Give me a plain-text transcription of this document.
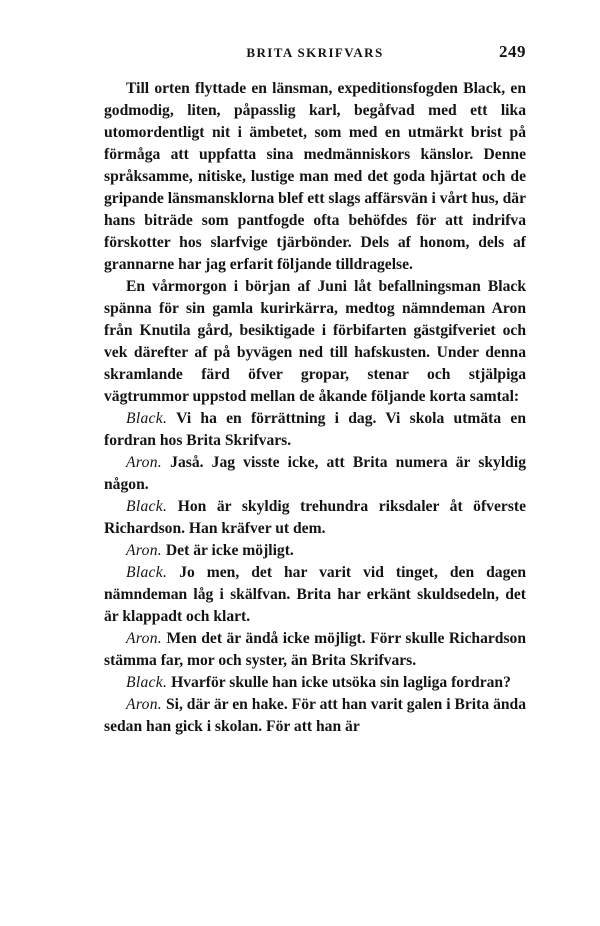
BRITA SKRIFVARS	249

Till orten flyttade en länsman, expeditionsfogden Black, en godmodig, liten, påpasslig karl, begåfvad med ett lika utomordentligt nit i ämbetet, som med en utmärkt brist på förmåga att uppfatta sina medmänniskors känslor. Denne språksamme, nitiske, lustige man med det goda hjärtat och de gripande länsmansklorna blef ett slags affärsvän i vårt hus, där hans biträde som pantfogde ofta behöfdes för att indrifva förskotter hos slarfvige tjärbönder. Dels af honom, dels af grannarne har jag erfarit följande tilldragelse.

En vårmorgon i början af Juni låt befallningsman Black spänna för sin gamla kurirkärra, medtog nämndeman Aron från Knutila gård, besiktigade i förbifarten gästgifveriet och vek därefter af på byvägen ned till hafskusten. Under denna skramlande färd öfver gropar, stenar och stjälpiga vägtrummor uppstod mellan de åkande följande korta samtal:

Black. Vi ha en förrättning i dag. Vi skola utmäta en fordran hos Brita Skrifvars.

Aron. Jaså. Jag visste icke, att Brita numera är skyldig någon.

Black. Hon är skyldig trehundra riksdaler åt öfverste Richardson. Han kräfver ut dem.

Aron. Det är icke möjligt.

Black. Jo men, det har varit vid tinget, den dagen nämndeman låg i skälfvan. Brita har erkänt skuldsedeln, det är klappadt och klart.

Aron. Men det är ändå icke möjligt. Förr skulle Richardson stämma far, mor och syster, än Brita Skrifvars.

Black. Hvarför skulle han icke utsöka sin lagliga fordran?

Aron. Si, där är en hake. För att han varit galen i Brita ända sedan han gick i skolan. För att han är
